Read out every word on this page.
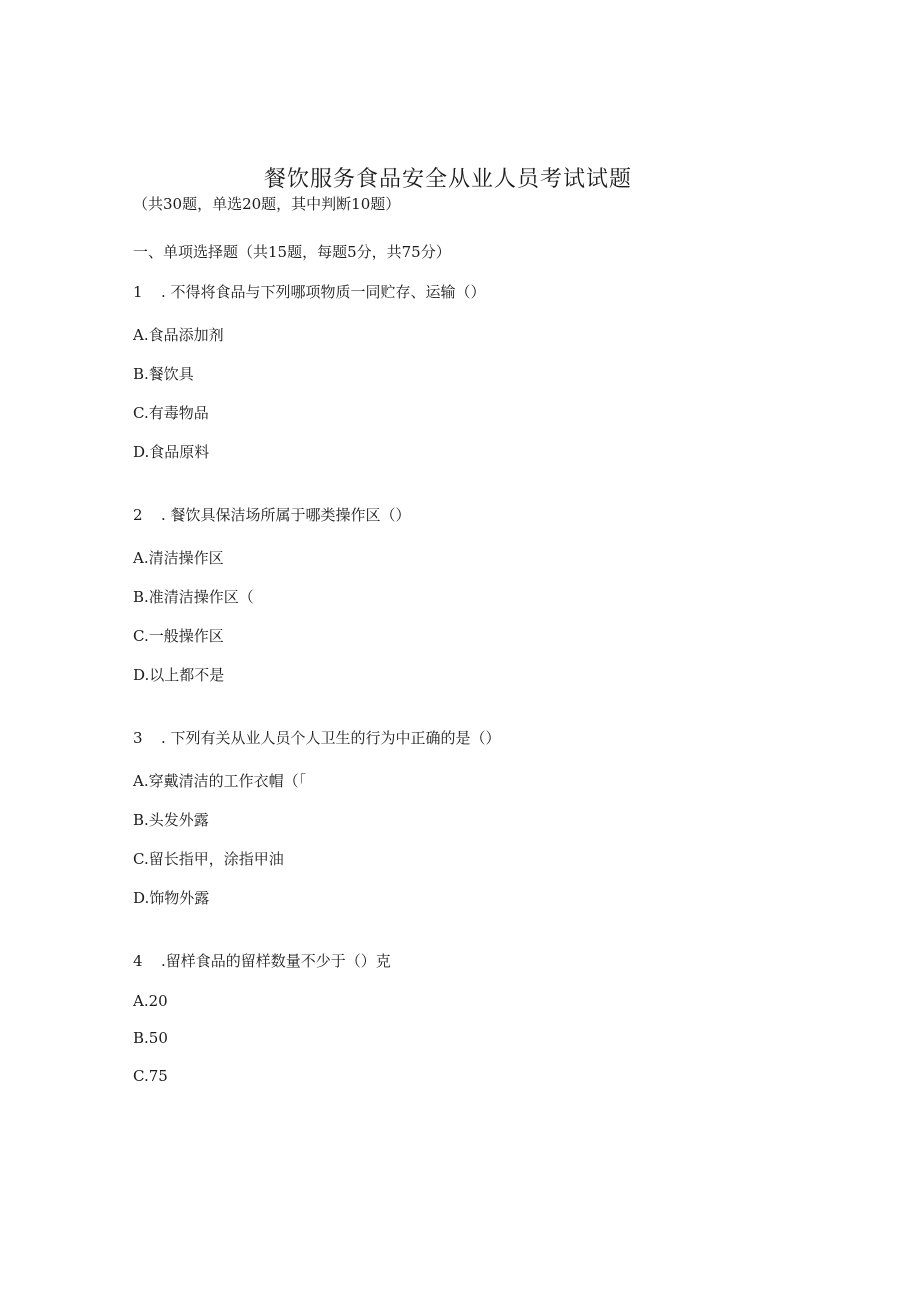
餐饮服务食品安全从业人员考试试题
（共30题，单选20题，其中判断10题）
一、单项选择题（共15题，每题5分，共75分）
1 . 不得将食品与下列哪项物质一同贮存、运输（）
A.食品添加剂
B.餐饮具
C.有毒物品
D.食品原料
2 . 餐饮具保洁场所属于哪类操作区（）
A.清洁操作区
B.准清洁操作区（
C.一般操作区
D.以上都不是
3 . 下列有关从业人员个人卫生的行为中正确的是（）
A.穿戴清洁的工作衣帽（「
B.头发外露
C.留长指甲，涂指甲油
D.饰物外露
4 .留样食品的留样数量不少于（）克
A.20
B.50
C.75
